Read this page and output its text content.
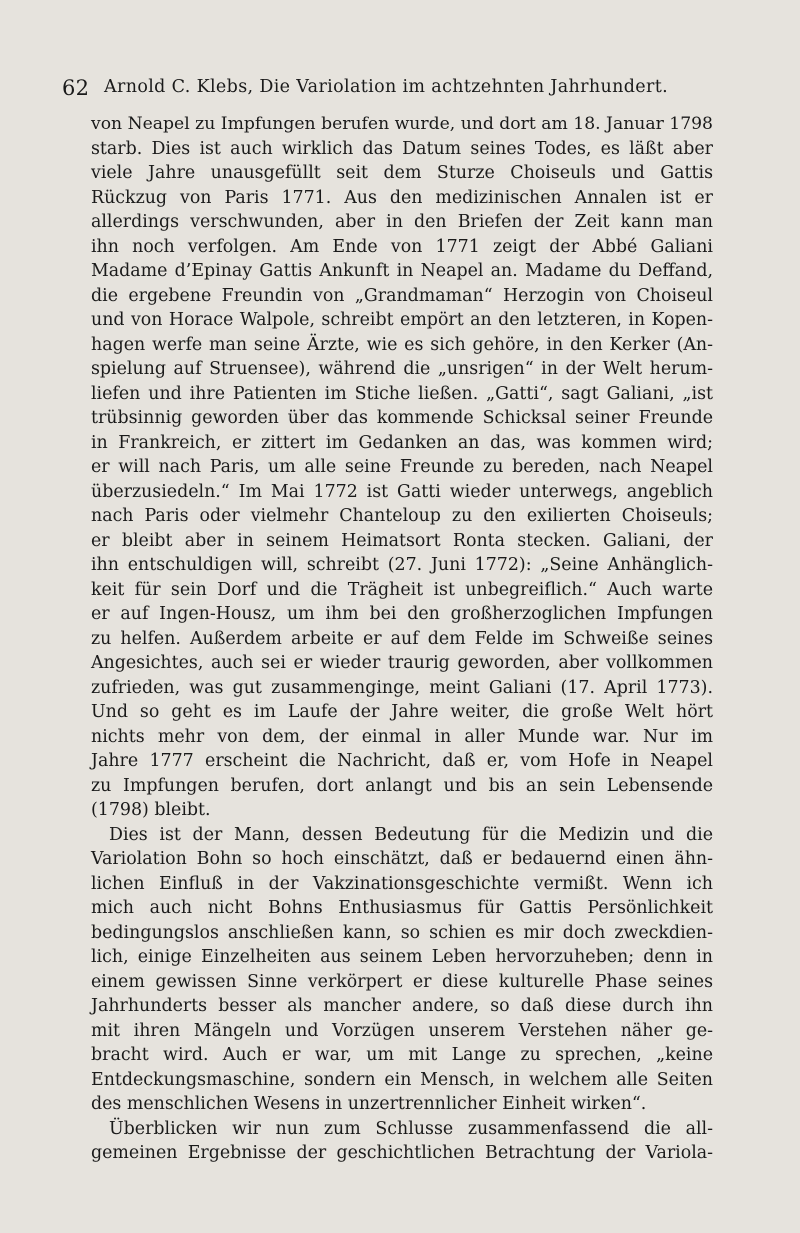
62 Arnold C. Klebs, Die Variolation im achtzehnten Jahrhundert.
von Neapel zu Impfungen berufen wurde, und dort am 18. Januar 1798
starb. Dies ist auch wirklich das Datum seines Todes, es läßt aber
viele Jahre unausgefüllt seit dem Sturze Choiseuls und Gattis
Rückzug von Paris 1771. Aus den medizinischen Annalen ist er
allerdings verschwunden, aber in den Briefen der Zeit kann man
ihn noch verfolgen. Am Ende von 1771 zeigt der Abbé Galiani
Madame d’Epinay Gattis Ankunft in Neapel an. Madame du Deffand,
die ergebene Freundin von „Grandmaman“ Herzogin von Choiseul
und von Horace Walpole, schreibt empört an den letzteren, in Kopen-
hagen werfe man seine Ärzte, wie es sich gehöre, in den Kerker (An-
spielung auf Struensee), während die „unsrigen“ in der Welt herum-
liefen und ihre Patienten im Stiche ließen. „Gatti“, sagt Galiani, „ist
trübsinnig geworden über das kommende Schicksal seiner Freunde
in Frankreich, er zittert im Gedanken an das, was kommen wird;
er will nach Paris, um alle seine Freunde zu bereden, nach Neapel
überzusiedeln.“ Im Mai 1772 ist Gatti wieder unterwegs, angeblich
nach Paris oder vielmehr Chanteloup zu den exilierten Choiseuls;
er bleibt aber in seinem Heimatsort Ronta stecken. Galiani, der
ihn entschuldigen will, schreibt (27. Juni 1772): „Seine Anhänglich-
keit für sein Dorf und die Trägheit ist unbegreiflich.“ Auch warte
er auf Ingen-Housz, um ihm bei den großherzoglichen Impfungen
zu helfen. Außerdem arbeite er auf dem Felde im Schweiße seines
Angesichtes, auch sei er wieder traurig geworden, aber vollkommen
zufrieden, was gut zusammenginge, meint Galiani (17. April 1773).
Und so geht es im Laufe der Jahre weiter, die große Welt hört
nichts mehr von dem, der einmal in aller Munde war. Nur im
Jahre 1777 erscheint die Nachricht, daß er, vom Hofe in Neapel
zu Impfungen berufen, dort anlangt und bis an sein Lebensende
(1798) bleibt.
Dies ist der Mann, dessen Bedeutung für die Medizin und die
Variolation Bohn so hoch einschätzt, daß er bedauernd einen ähn-
lichen Einfluß in der Vakzinationsgeschichte vermißt. Wenn ich
mich auch nicht Bohns Enthusiasmus für Gattis Persönlichkeit
bedingungslos anschließen kann, so schien es mir doch zweckdien-
lich, einige Einzelheiten aus seinem Leben hervorzuheben; denn in
einem gewissen Sinne verkörpert er diese kulturelle Phase seines
Jahrhunderts besser als mancher andere, so daß diese durch ihn
mit ihren Mängeln und Vorzügen unserem Verstehen näher ge-
bracht wird. Auch er war, um mit Lange zu sprechen, „keine
Entdeckungsmaschine, sondern ein Mensch, in welchem alle Seiten
des menschlichen Wesens in unzertrennlicher Einheit wirken“.
Überblicken wir nun zum Schlusse zusammenfassend die all-
gemeinen Ergebnisse der geschichtlichen Betrachtung der Variola-
